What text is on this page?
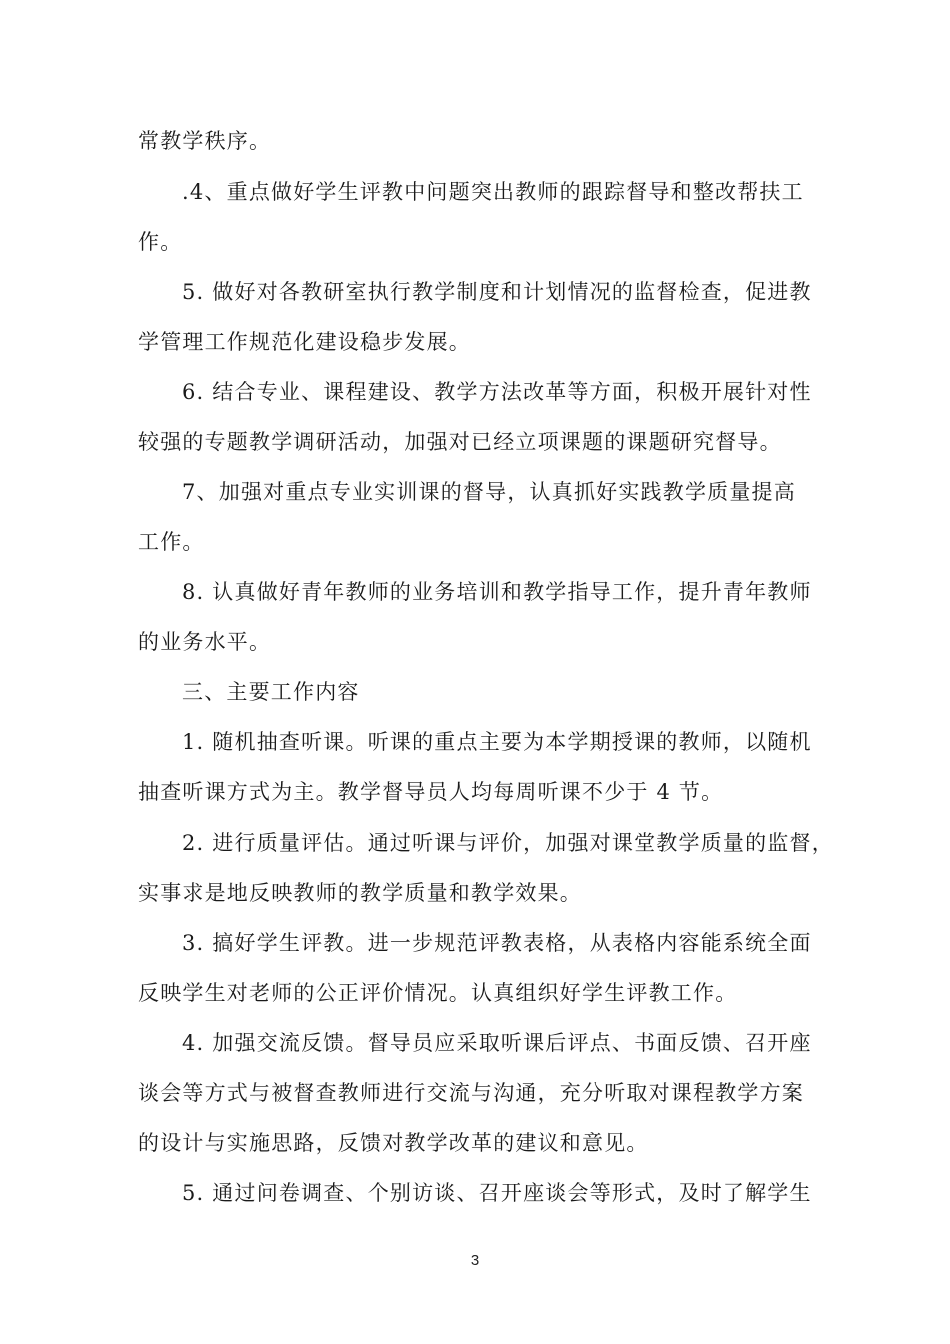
常教学秩序。
.4、重点做好学生评教中问题突出教师的跟踪督导和整改帮扶工
作。
5. 做好对各教研室执行教学制度和计划情况的监督检查，促进教
学管理工作规范化建设稳步发展。
6. 结合专业、课程建设、教学方法改革等方面，积极开展针对性
较强的专题教学调研活动，加强对已经立项课题的课题研究督导。
7、加强对重点专业实训课的督导，认真抓好实践教学质量提高
工作。
8. 认真做好青年教师的业务培训和教学指导工作，提升青年教师
的业务水平。
三、主要工作内容
1. 随机抽查听课。听课的重点主要为本学期授课的教师，以随机
抽查听课方式为主。教学督导员人均每周听课不少于 4 节。
2. 进行质量评估。通过听课与评价，加强对课堂教学质量的监督，
实事求是地反映教师的教学质量和教学效果。
3. 搞好学生评教。进一步规范评教表格，从表格内容能系统全面
反映学生对老师的公正评价情况。认真组织好学生评教工作。
4. 加强交流反馈。督导员应采取听课后评点、书面反馈、召开座
谈会等方式与被督查教师进行交流与沟通，充分听取对课程教学方案
的设计与实施思路，反馈对教学改革的建议和意见。
5. 通过问卷调查、个别访谈、召开座谈会等形式，及时了解学生
3
